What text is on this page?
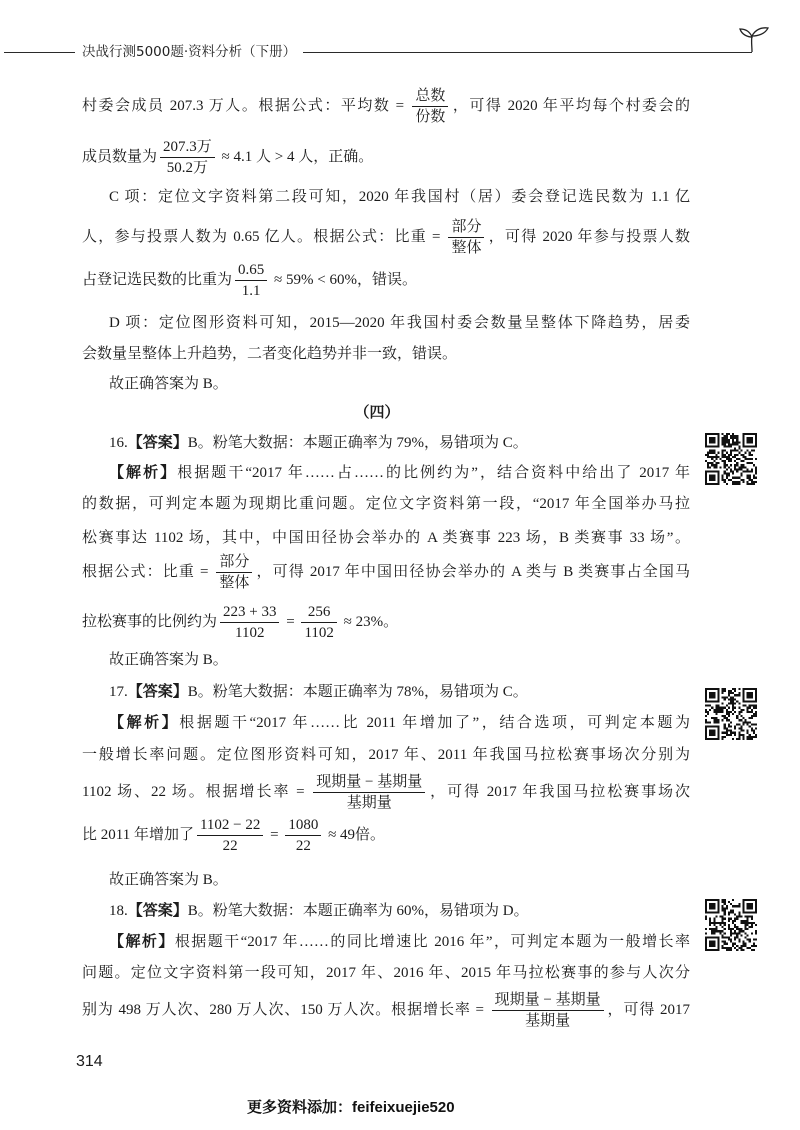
决战行测5000题·资料分析（下册）
村委会成员 207.3 万人。根据公式：平均数 = $\frac{\text{总数}}{\text{份数}}$ ，可得 2020 年平均每个村委会的
成员数量为 $\frac{\text{207.3万}}{\text{50.2万}} \approx 4.1$ 人 > 4 人，正确。
C 项：定位文字资料第二段可知，2020 年我国村（居）委会登记选民数为 1.1 亿
人，参与投票人数为 0.65 亿人。根据公式：比重 = $\frac{\text{部分}}{\text{整体}}$ ，可得 2020 年参与投票人数
占登记选民数的比重为 $\frac{0.65}{1.1} \approx 59\% < 60\%$，错误。
D 项：定位图形资料可知，2015—2020 年我国村委会数量呈整体下降趋势，居委
会数量呈整体上升趋势，二者变化趋势并非一致，错误。
故正确答案为 B。
（四）
16.【答案】B。粉笔大数据：本题正确率为 79%，易错项为 C。
【解析】根据题干“2017 年……占……的比例约为”，结合资料中给出了 2017 年
的数据，可判定本题为现期比重问题。定位文字资料第一段，“2017 年全国举办马拉
松赛事达 1102 场，其中，中国田径协会举办的 A 类赛事 223 场，B 类赛事 33 场”。
根据公式：比重 = $\frac{\text{部分}}{\text{整体}}$ ，可得 2017 年中国田径协会举办的 A 类与 B 类赛事占全国马
拉松赛事的比例约为 $\frac{223 + 33}{1102} = \frac{256}{1102} \approx 23\%$。
故正确答案为 B。
17.【答案】B。粉笔大数据：本题正确率为 78%，易错项为 C。
【解析】根据题干“2017 年……比 2011 年增加了”，结合选项，可判定本题为
一般增长率问题。定位图形资料可知，2017 年、2011 年我国马拉松赛事场次分别为
1102 场、22 场。根据增长率 = $\frac{\text{现期量 − 基期量}}{\text{基期量}}$ ，可得 2017 年我国马拉松赛事场次
比 2011 年增加了 $\frac{1102 - 22}{22} = \frac{1080}{22} \approx 49$倍。
故正确答案为 B。
18.【答案】B。粉笔大数据：本题正确率为 60%，易错项为 D。
【解析】根据题干“2017 年……的同比增速比 2016 年”，可判定本题为一般增长率
问题。定位文字资料第一段可知，2017 年、2016 年、2015 年马拉松赛事的参与人次分
别为 498 万人次、280 万人次、150 万人次。根据增长率 = $\frac{\text{现期量 − 基期量}}{\text{基期量}}$ ，可得 2017
314
更多资料添加：feifeixuejie520
